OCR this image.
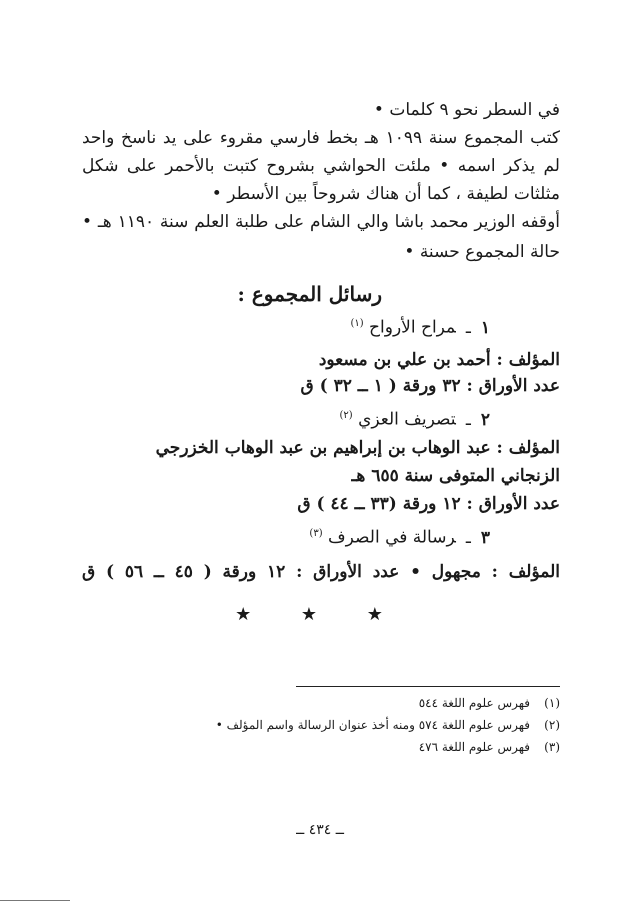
في السطر نحو ٩ كلمات •
كتب المجموع سنة ١٠٩٩ هـ بخط فارسي مقروء على يد ناسخ واحد
لم يذكر اسمه • ملئت الحواشي بشروح كتبت بالأحمر على شكل
مثلثات لطيفة ، كما أن هناك شروحاً بين الأسطر •
أوقفه الوزير محمد باشا والي الشام على طلبة العلم سنة ١١٩٠ هـ •
حالة المجموع حسنة •
رسائل المجموع :
١ـمراح الأرواح $^{(١)}$
المؤلف : أحمد بن علي بن مسعود
عدد الأوراق : ٣٢ ورقة ( ١ ــ ٣٢ ) ق
٢ـتصريف العزي $^{(٢)}$
المؤلف : عبد الوهاب بن إبراهيم بن عبد الوهاب الخزرجي
الزنجاني المتوفى سنة ٦٥٥ هـ
عدد الأوراق : ١٢ ورقة (٣٣ ــ ٤٤ ) ق
٣ـرسالة في الصرف $^{(٣)}$
المؤلف : مجهول • عدد الأوراق : ١٢ ورقة ( ٤٥ ــ ٥٦ ) ق
★ ★ ★
(١)فهرس علوم اللغة ٥٤٤
(٢)فهرس علوم اللغة ٥٧٤ ومنه أخذ عنوان الرسالة واسم المؤلف •
(٣)فهرس علوم اللغة ٤٧٦
ــ ٤٣٤ ــ
